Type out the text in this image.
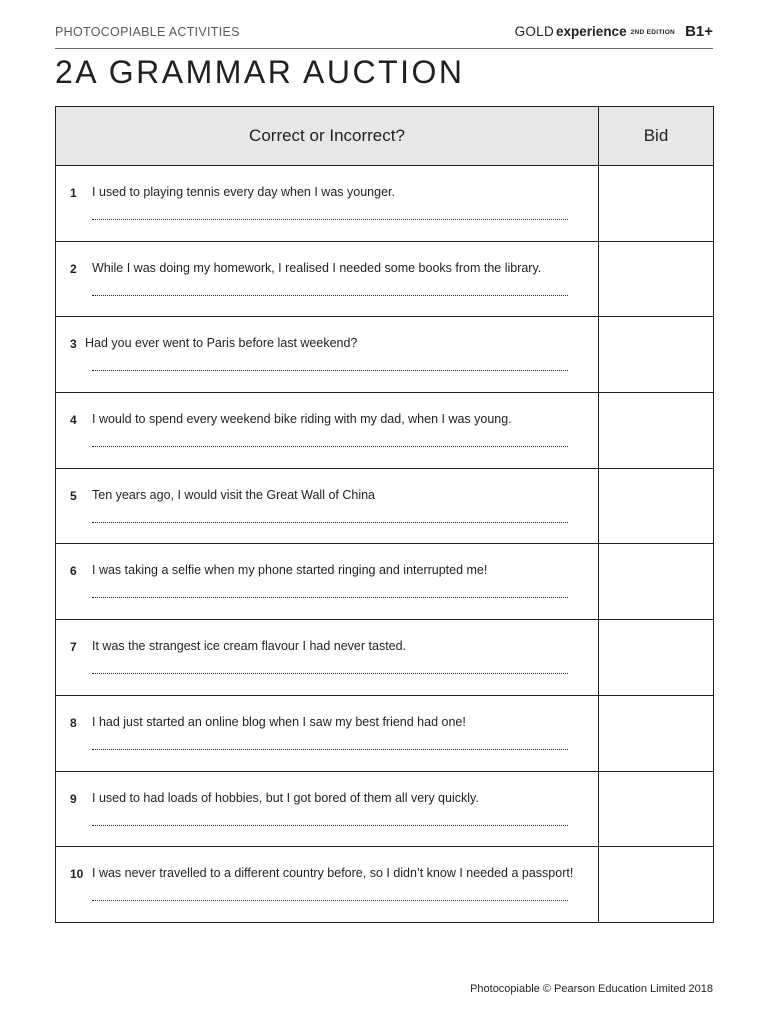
PHOTOCOPIABLE ACTIVITIES	GOLD experience 2ND EDITION B1+
2A GRAMMAR AUCTION
Correct or Incorrect?	Bid

1 I used to playing tennis every day when I was younger.	

2 While I was doing my homework, I realised I needed some books from the library.	

3 Had you ever went to Paris before last weekend?	

4 I would to spend every weekend bike riding with my dad, when I was young.	

5 Ten years ago, I would visit the Great Wall of China	

6 I was taking a selfie when my phone started ringing and interrupted me!	

7 It was the strangest ice cream flavour I had never tasted.	

8 I had just started an online blog when I saw my best friend had one!	

9 I used to had loads of hobbies, but I got bored of them all very quickly.	

10 I was never travelled to a different country before, so I didn’t know I needed a passport!	

Photocopiable © Pearson Education Limited 2018
